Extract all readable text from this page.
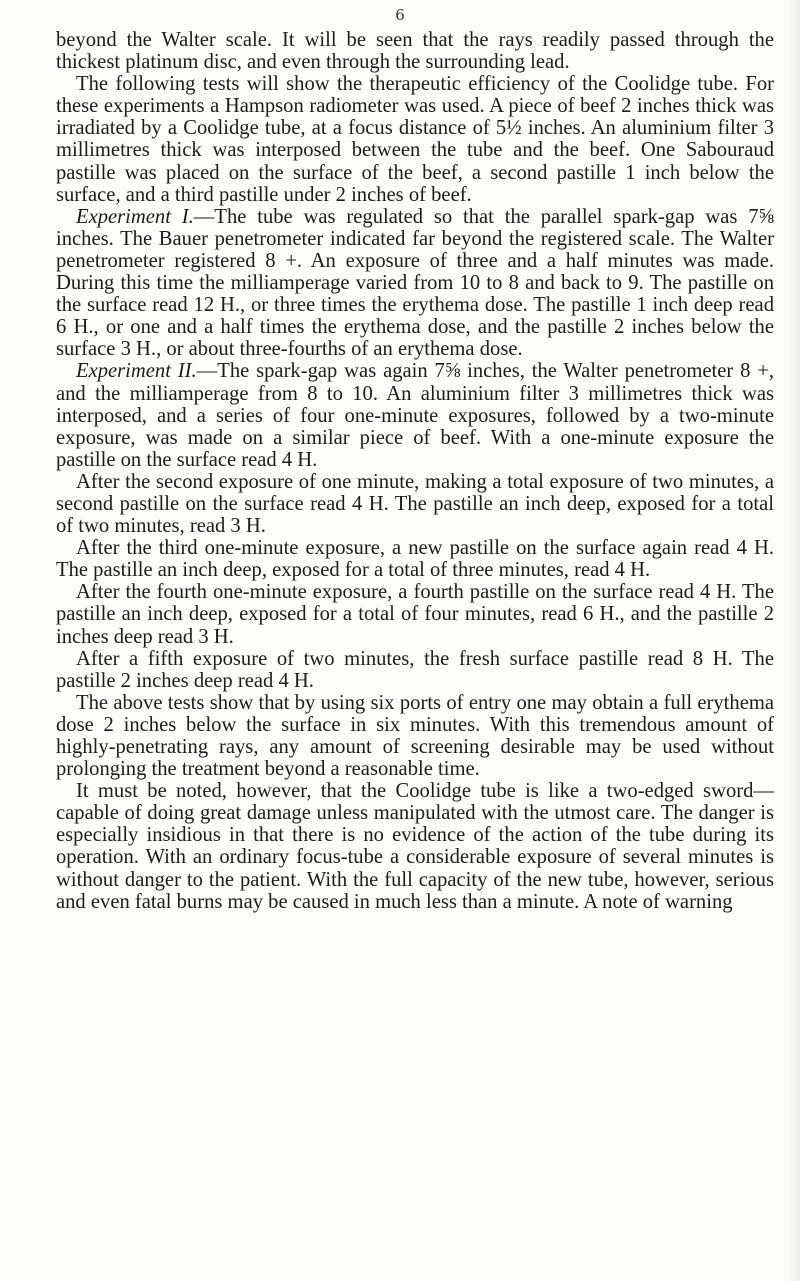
6

beyond the Walter scale. It will be seen that the rays readily passed through the thickest platinum disc, and even through the surrounding lead.

The following tests will show the therapeutic efficiency of the Coolidge tube. For these experiments a Hampson radiometer was used. A piece of beef 2 inches thick was irradiated by a Coolidge tube, at a focus distance of 5½ inches. An aluminium filter 3 millimetres thick was interposed between the tube and the beef. One Sabouraud pastille was placed on the surface of the beef, a second pastille 1 inch below the surface, and a third pastille under 2 inches of beef.

Experiment I.—The tube was regulated so that the parallel spark-gap was 7⅝ inches. The Bauer penetrometer indicated far beyond the registered scale. The Walter penetrometer registered 8 +. An exposure of three and a half minutes was made. During this time the milliamperage varied from 10 to 8 and back to 9. The pastille on the surface read 12 H., or three times the erythema dose. The pastille 1 inch deep read 6 H., or one and a half times the erythema dose, and the pastille 2 inches below the surface 3 H., or about three-fourths of an erythema dose.

Experiment II.—The spark-gap was again 7⅝ inches, the Walter penetrometer 8 +, and the milliamperage from 8 to 10. An aluminium filter 3 millimetres thick was interposed, and a series of four one-minute exposures, followed by a two-minute exposure, was made on a similar piece of beef. With a one-minute exposure the pastille on the surface read 4 H.

After the second exposure of one minute, making a total exposure of two minutes, a second pastille on the surface read 4 H. The pastille an inch deep, exposed for a total of two minutes, read 3 H.

After the third one-minute exposure, a new pastille on the surface again read 4 H. The pastille an inch deep, exposed for a total of three minutes, read 4 H.

After the fourth one-minute exposure, a fourth pastille on the surface read 4 H. The pastille an inch deep, exposed for a total of four minutes, read 6 H., and the pastille 2 inches deep read 3 H.

After a fifth exposure of two minutes, the fresh surface pastille read 8 H. The pastille 2 inches deep read 4 H.

The above tests show that by using six ports of entry one may obtain a full erythema dose 2 inches below the surface in six minutes. With this tremendous amount of highly-penetrating rays, any amount of screening desirable may be used without prolonging the treatment beyond a reasonable time.

It must be noted, however, that the Coolidge tube is like a two-edged sword—capable of doing great damage unless manipulated with the utmost care. The danger is especially insidious in that there is no evidence of the action of the tube during its operation. With an ordinary focus-tube a considerable exposure of several minutes is without danger to the patient. With the full capacity of the new tube, however, serious and even fatal burns may be caused in much less than a minute. A note of warning
